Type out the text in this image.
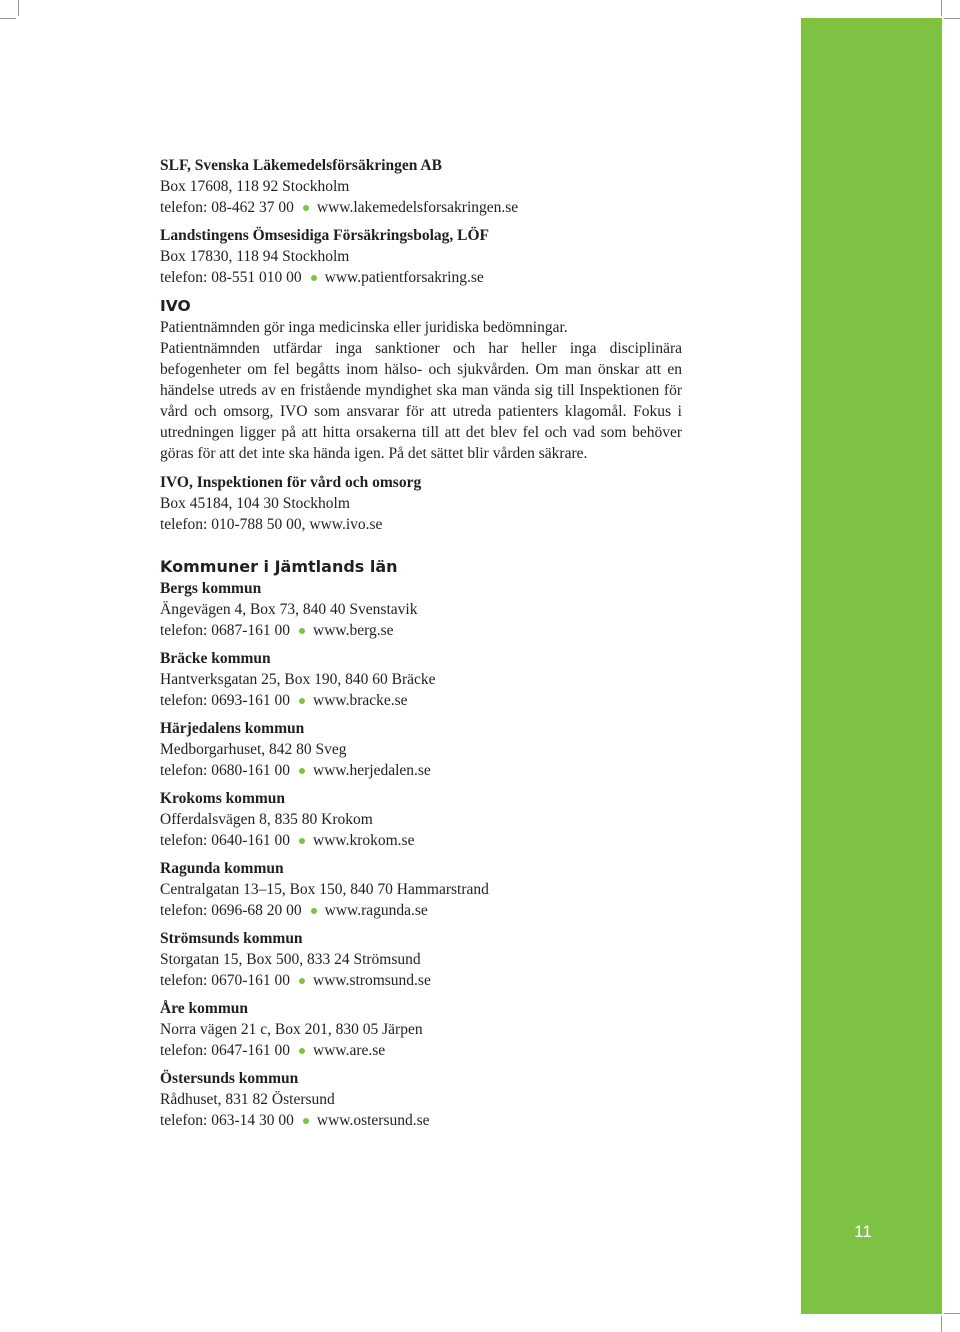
11

SLF, Svenska Läkemedelsförsäkringen AB

Box 17608, 118 92 Stockholm

telefon: 08-462 37 00 www.lakemedelsforsakringen.se

Landstingens Ömsesidiga Försäkringsbolag, LÖF

Box 17830, 118 94 Stockholm

telefon: 08-551 010 00 www.patientforsakring.se

IVO

Patientnämnden gör inga medicinska eller juridiska bedömningar.

Patientnämnden utfärdar inga sanktioner och har heller inga disciplinära befogenheter om fel begåtts inom hälso- och sjukvården. Om man önskar att en händelse utreds av en fristående myndighet ska man vända sig till Inspektionen för vård och omsorg, IVO som ansvarar för att utreda patienters klagomål. Fokus i utredningen ligger på att hitta orsakerna till att det blev fel och vad som behöver göras för att det inte ska hända igen. På det sättet blir vården säkrare.

IVO, Inspektionen för vård och omsorg

Box 45184, 104 30 Stockholm

telefon: 010-788 50 00, www.ivo.se

Kommuner i Jämtlands län

Bergs kommun

Ängevägen 4, Box 73, 840 40 Svenstavik

telefon: 0687-161 00 www.berg.se

Bräcke kommun

Hantverksgatan 25, Box 190, 840 60 Bräcke

telefon: 0693-161 00 www.bracke.se

Härjedalens kommun

Medborgarhuset, 842 80 Sveg

telefon: 0680-161 00 www.herjedalen.se

Krokoms kommun

Offerdalsvägen 8, 835 80 Krokom

telefon: 0640-161 00 www.krokom.se

Ragunda kommun

Centralgatan 13–15, Box 150, 840 70 Hammarstrand

telefon: 0696-68 20 00 www.ragunda.se

Strömsunds kommun

Storgatan 15, Box 500, 833 24 Strömsund

telefon: 0670-161 00 www.stromsund.se

Åre kommun

Norra vägen 21 c, Box 201, 830 05 Järpen

telefon: 0647-161 00 www.are.se

Östersunds kommun

Rådhuset, 831 82 Östersund

telefon: 063-14 30 00 www.ostersund.se
